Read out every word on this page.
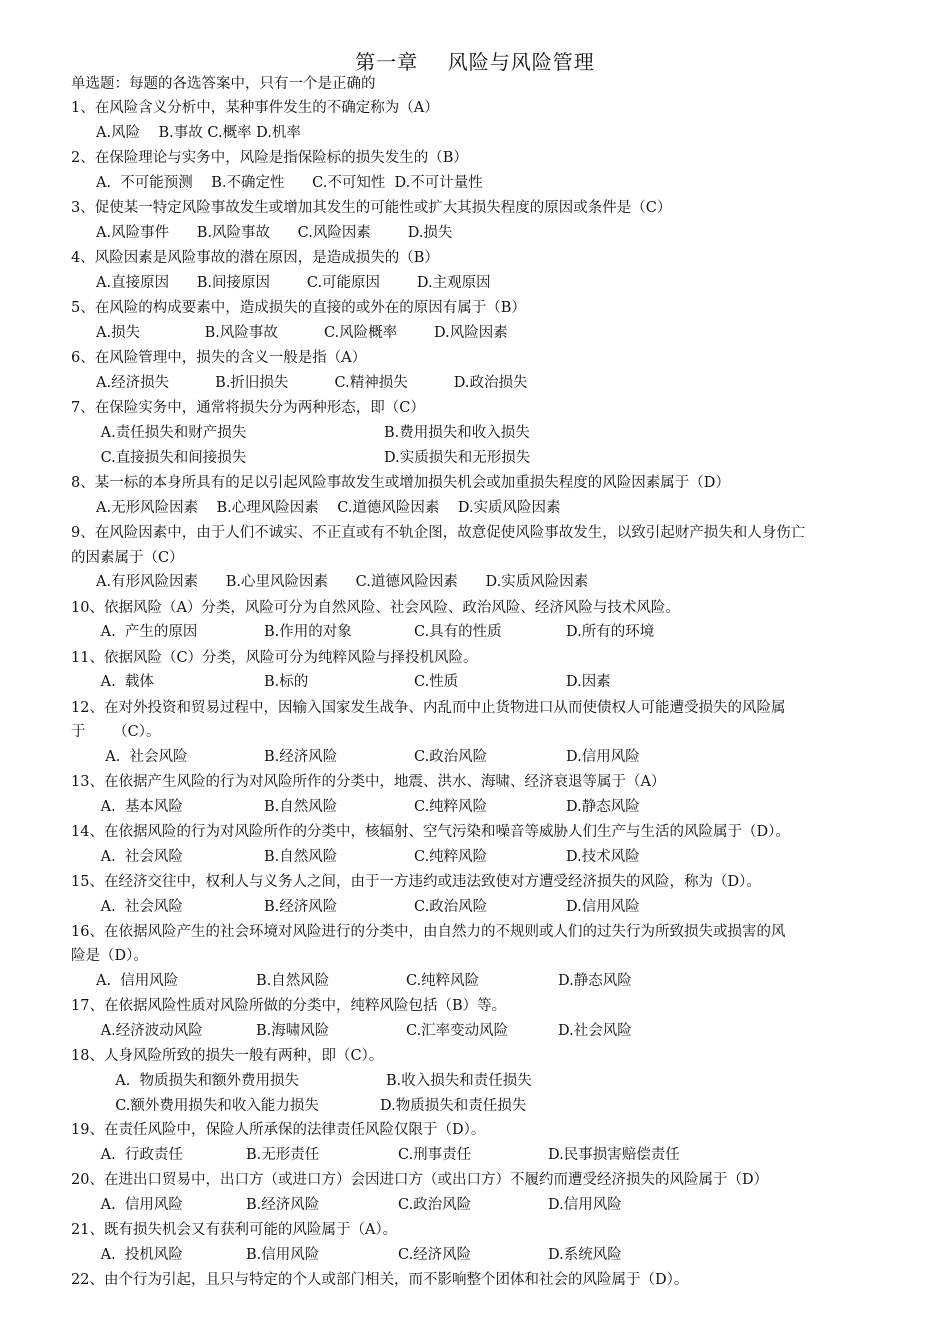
第一章    风险与风险管理
单选题：每题的各选答案中，只有一个是正确的
1、在风险含义分析中，某种事件发生的不确定称为（A）
A.风险    B.事故 C.概率 D.机率
2、在保险理论与实务中，风险是指保险标的损失发生的（B）
A.  不可能预测    B.不确定性      C.不可知性  D.不可计量性
3、促使某一特定风险事故发生或增加其发生的可能性或扩大其损失程度的原因或条件是（C）
A.风险事件      B.风险事故      C.风险因素        D.损失
4、风险因素是风险事故的潜在原因，是造成损失的（B）
A.直接原因      B.间接原因        C.可能原因        D.主观原因
5、在风险的构成要素中，造成损失的直接的或外在的原因有属于（B）
A.损失              B.风险事故          C.风险概率        D.风险因素
6、在风险管理中，损失的含义一般是指（A）
A.经济损失          B.折旧损失          C.精神损失          D.政治损失
7、在保险实务中，通常将损失分为两种形态，即（C）
A.责任损失和财产损失	B.费用损失和收入损失
C.直接损失和间接损失	D.实质损失和无形损失
8、某一标的本身所具有的足以引起风险事故发生或增加损失机会或加重损失程度的风险因素属于（D）
A.无形风险因素    B.心理风险因素    C.道德风险因素    D.实质风险因素
9、在风险因素中，由于人们不诚实、不正直或有不轨企图，故意促使风险事故发生，以致引起财产损失和人身伤亡
的因素属于（C）
A.有形风险因素      B.心里风险因素      C.道德风险因素      D.实质风险因素
10、依据风险（A）分类，风险可分为自然风险、社会风险、政治风险、经济风险与技术风险。
A.  产生的原因	B.作用的对象	C.具有的性质	D.所有的环境
11、依据风险（C）分类，风险可分为纯粹风险与择投机风险。
A.  载体	B.标的	C.性质	D.因素
12、在对外投资和贸易过程中，因输入国家发生战争、内乱而中止货物进口从而使债权人可能遭受损失的风险属
于      （C）。
A.  社会风险	B.经济风险	C.政治风险	D.信用风险
13、在依据产生风险的行为对风险所作的分类中，地震、洪水、海啸、经济衰退等属于（A）
A.  基本风险	B.自然风险	C.纯粹风险	D.静态风险
14、在依据风险的行为对风险所作的分类中，核辐射、空气污染和噪音等威胁人们生产与生活的风险属于（D）。
A.  社会风险	B.自然风险	C.纯粹风险	D.技术风险
15、在经济交往中，权利人与义务人之间，由于一方违约或违法致使对方遭受经济损失的风险，称为（D）。
A.  社会风险	B.经济风险	C.政治风险	D.信用风险
16、在依据风险产生的社会环境对风险进行的分类中，由自然力的不规则或人们的过失行为所致损失或损害的风
险是（D）。
A.  信用风险	B.自然风险	C.纯粹风险	D.静态风险
17、在依据风险性质对风险所做的分类中，纯粹风险包括（B）等。
A.经济波动风险	B.海啸风险	C.汇率变动风险	D.社会风险
18、人身风险所致的损失一般有两种，即（C）。
A.  物质损失和额外费用损失	B.收入损失和责任损失
C.额外费用损失和收入能力损失	D.物质损失和责任损失
19、在责任风险中，保险人所承保的法律责任风险仅限于（D）。
A.  行政责任	B.无形责任	C.刑事责任	D.民事损害赔偿责任
20、在进出口贸易中，出口方（或进口方）会因进口方（或出口方）不履约而遭受经济损失的风险属于（D）
A.  信用风险	B.经济风险	C.政治风险	D.信用风险
21、既有损失机会又有获利可能的风险属于（A）。
A.  投机风险	B.信用风险	C.经济风险	D.系统风险
22、由个行为引起，且只与特定的个人或部门相关，而不影响整个团体和社会的风险属于（D）。
